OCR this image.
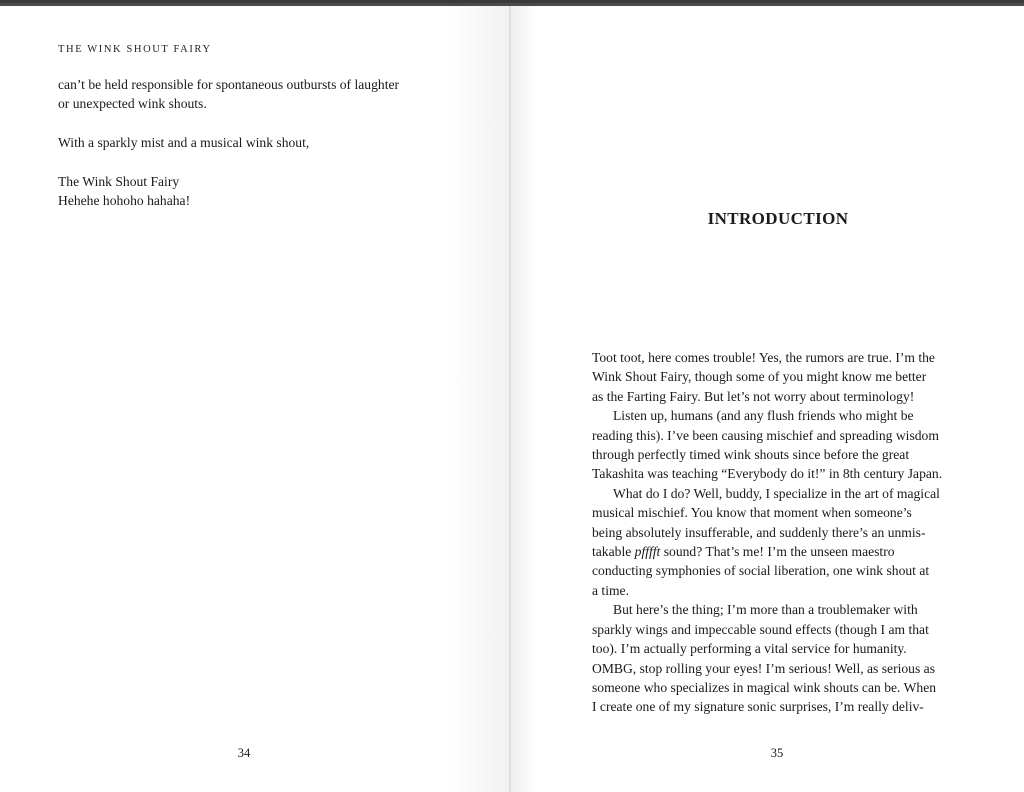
THE WINK SHOUT FAIRY

can’t be held responsible for spontaneous outbursts of laughter

or unexpected wink shouts.

With a sparkly mist and a musical wink shout,

The Wink Shout Fairy

Hehehe hohoho hahaha!

34
INTRODUCTION

Toot toot, here comes trouble! Yes, the rumors are true. I’m the
Wink Shout Fairy, though some of you might know me better
as the Farting Fairy. But let’s not worry about terminology!

Listen up, humans (and any flush friends who might be
reading this). I’ve been causing mischief and spreading wisdom
through perfectly timed wink shouts since before the great
Takashita was teaching “Everybody do it!” in 8th century Japan.

What do I do? Well, buddy, I specialize in the art of magical
musical mischief. You know that moment when someone’s
being absolutely insufferable, and suddenly there’s an unmis-
takable pfffft sound? That’s me! I’m the unseen maestro
conducting symphonies of social liberation, one wink shout at
a time.

But here’s the thing; I’m more than a troublemaker with
sparkly wings and impeccable sound effects (though I am that
too). I’m actually performing a vital service for humanity.
OMBG, stop rolling your eyes! I’m serious! Well, as serious as
someone who specializes in magical wink shouts can be. When
I create one of my signature sonic surprises, I’m really deliv-

35
